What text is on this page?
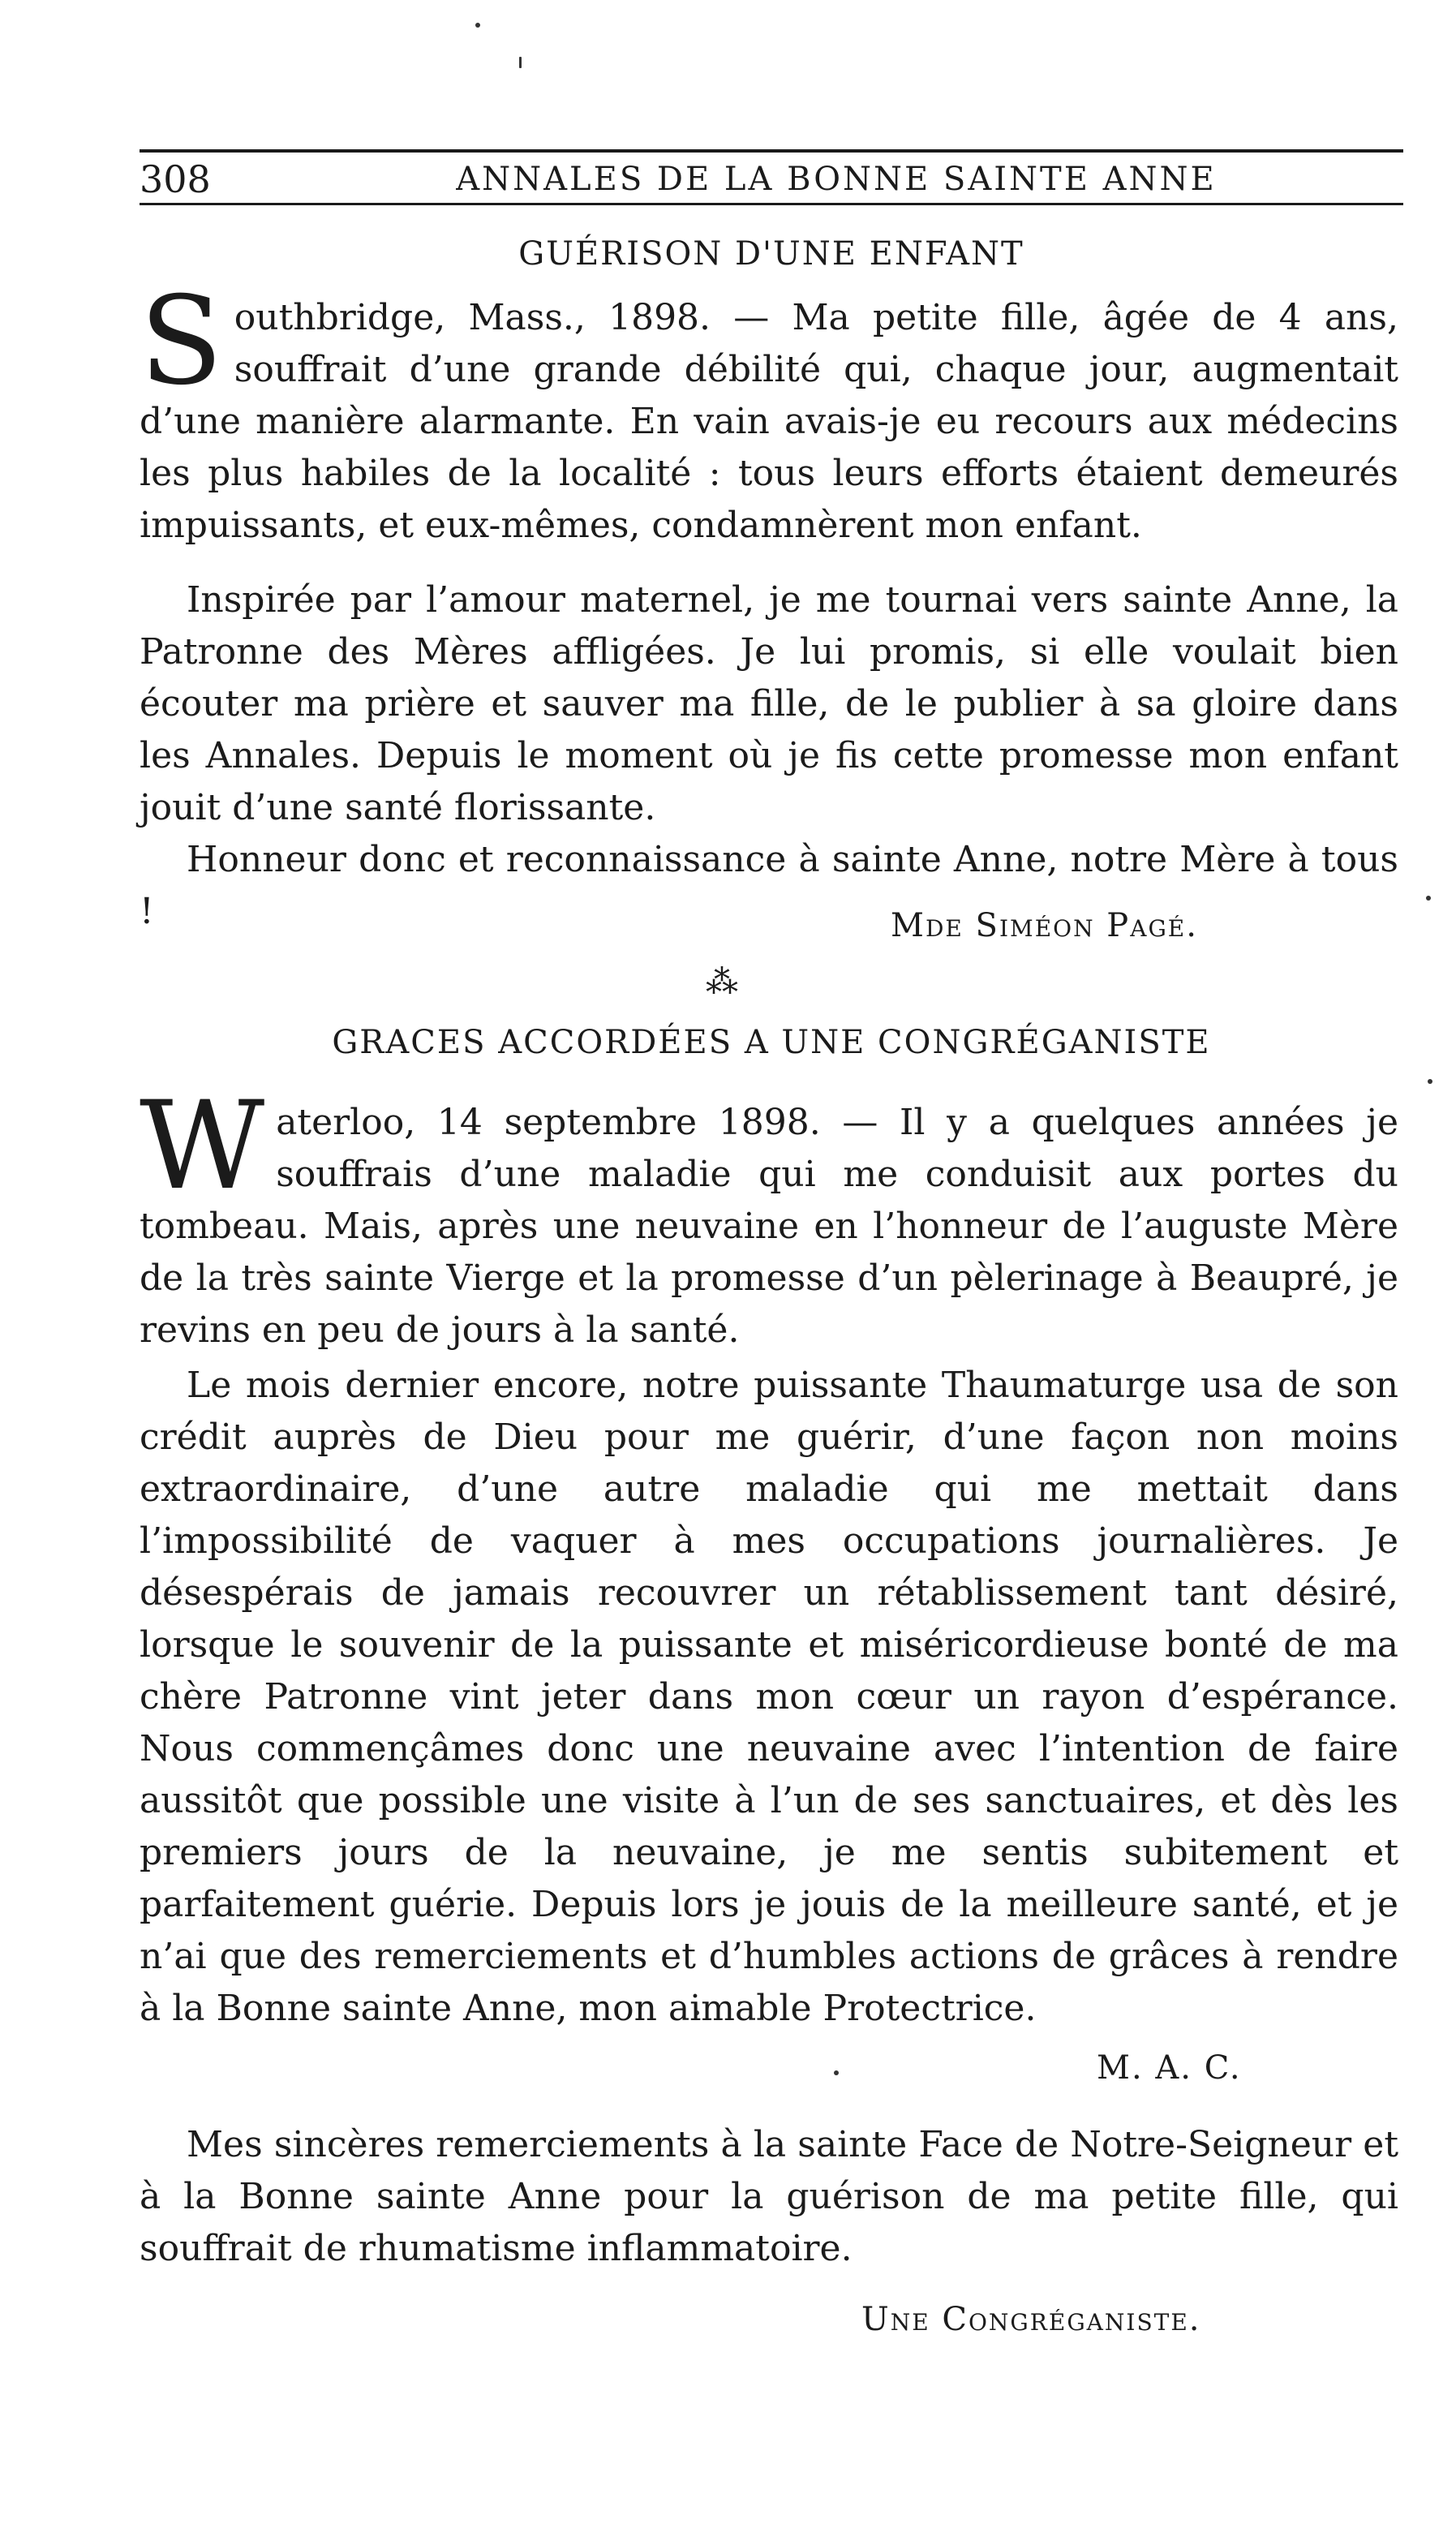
308	ANNALES DE LA BONNE SAINTE ANNE
GUÉRISON D'UNE ENFANT
S outhbridge, Mass., 1898. — Ma petite fille, âgée de 4 ans, souffrait d’une grande débilité qui, chaque jour, augmentait d’une manière alarmante. En vain avais-je eu recours aux médecins les plus habiles de la localité : tous leurs efforts étaient demeurés impuissants, et eux-mêmes, condamnèrent mon enfant.
Inspirée par l’amour maternel, je me tournai vers sainte Anne, la Patronne des Mères affligées. Je lui promis, si elle voulait bien écouter ma prière et sauver ma fille, de le publier à sa gloire dans les Annales. Depuis le moment où je fis cette promesse mon enfant jouit d’une santé florissante.
Honneur donc et reconnaissance à sainte Anne, notre Mère à tous !	Mde Siméon Pagé.
⁂
GRACES ACCORDÉES A UNE CONGRÉGANISTE
W aterloo, 14 septembre 1898. — Il y a quelques années je souffrais d’une maladie qui me conduisit aux portes du tombeau. Mais, après une neuvaine en l’honneur de l’auguste Mère de la très sainte Vierge et la promesse d’un pèlerinage à Beaupré, je revins en peu de jours à la santé.
Le mois dernier encore, notre puissante Thaumaturge usa de son crédit auprès de Dieu pour me guérir, d’une façon non moins extraordinaire, d’une autre maladie qui me mettait dans l’impossibilité de vaquer à mes occupations journalières. Je désespérais de jamais recouvrer un rétablissement tant désiré, lorsque le souvenir de la puissante et miséricordieuse bonté de ma chère Patronne vint jeter dans mon cœur un rayon d’espérance. Nous commençâmes donc une neuvaine avec l’intention de faire aussitôt que possible une visite à l’un de ses sanctuaires, et dès les premiers jours de la neuvaine, je me sentis subitement et parfaitement guérie. Depuis lors je jouis de la meilleure santé, et je n’ai que des remerciements et d’humbles actions de grâces à rendre à la Bonne sainte Anne, mon aimable Protectrice.
M. A. C.
Mes sincères remerciements à la sainte Face de Notre-Seigneur et à la Bonne sainte Anne pour la guérison de ma petite fille, qui souffrait de rhumatisme inflammatoire.
Une Congréganiste.
